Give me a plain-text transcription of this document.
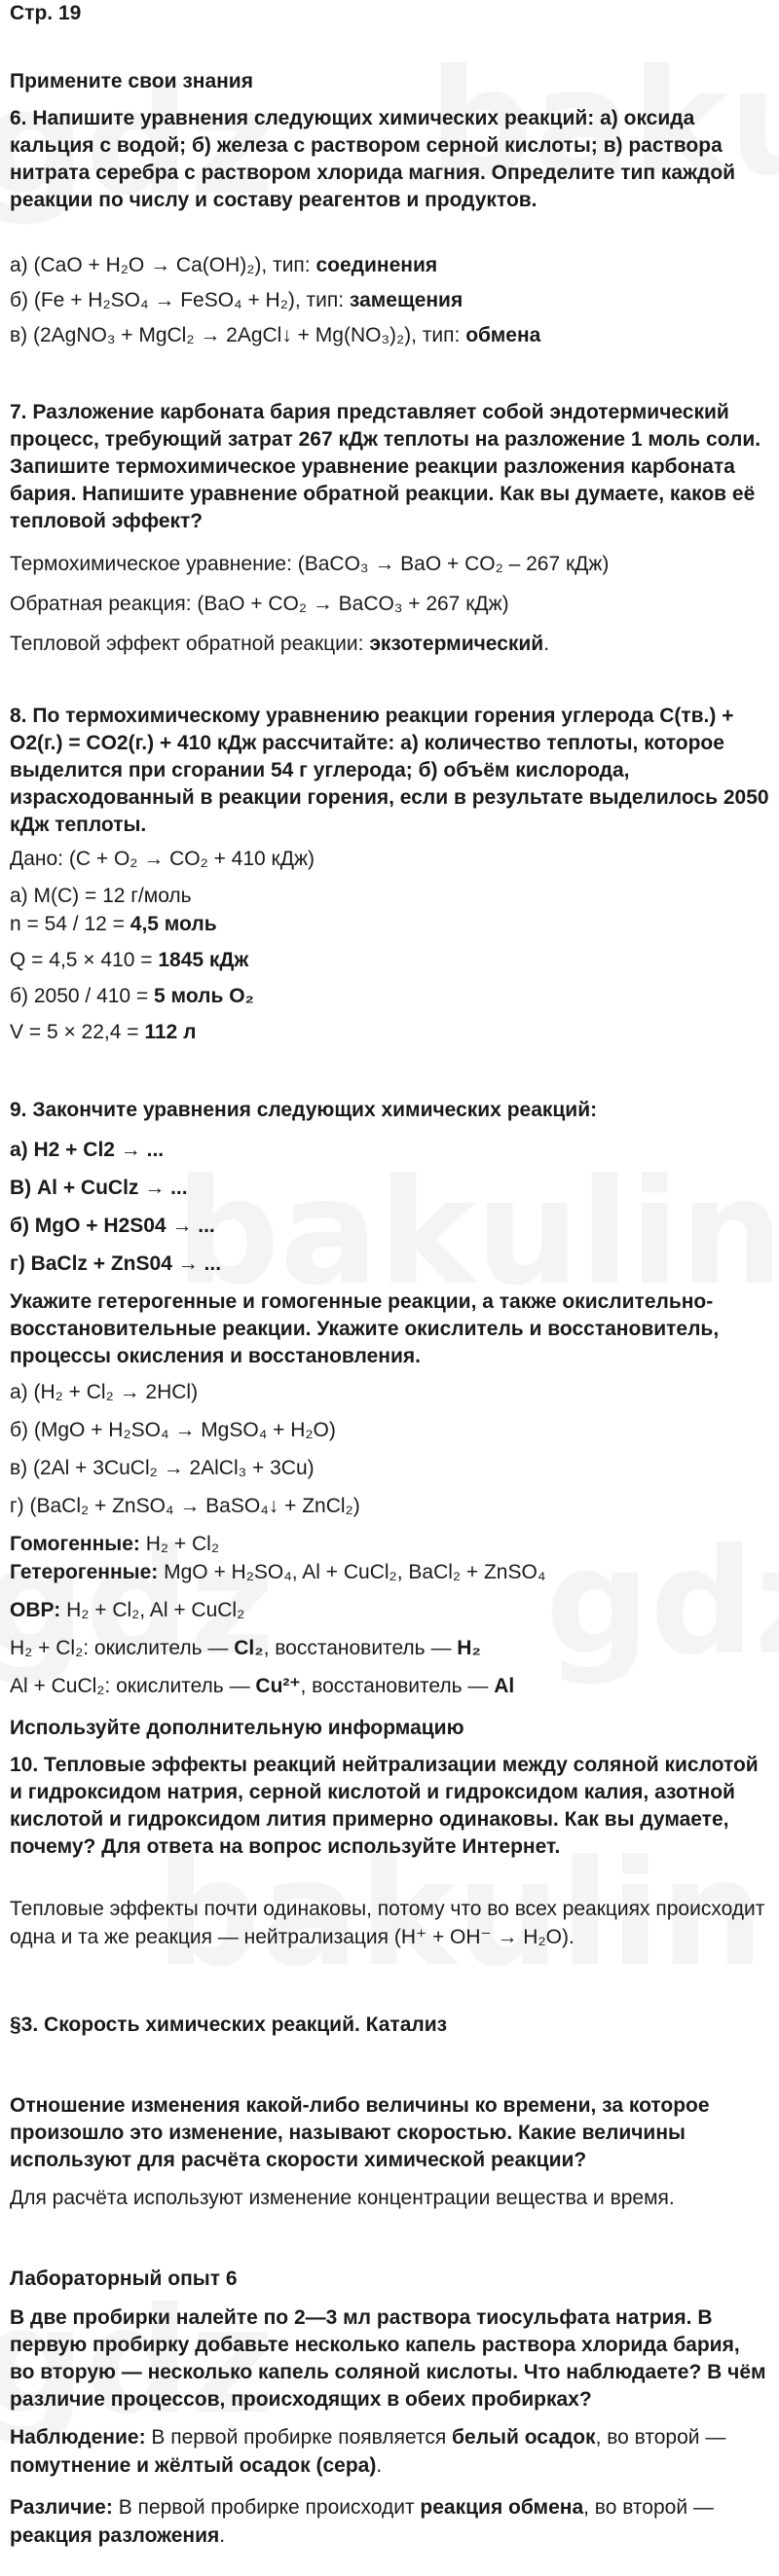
Стр. 19

Примените свои знания

6. Напишите уравнения следующих химических реакций: а) оксида кальция с водой; б) железа с раствором серной кислоты; в) раствора нитрата серебра с раствором хлорида магния. Определите тип каждой реакции по числу и составу реагентов и продуктов.

а) (CaO + H₂O → Ca(OH)₂), тип: соединения

б) (Fe + H₂SO₄ → FeSO₄ + H₂), тип: замещения

в) (2AgNO₃ + MgCl₂ → 2AgCl↓ + Mg(NO₃)₂), тип: обмена

7. Разложение карбоната бария представляет собой эндотермический процесс, требующий затрат 267 кДж теплоты на разложение 1 моль соли. Запишите термохимическое уравнение реакции разложения карбоната бария. Напишите уравнение обратной реакции. Как вы думаете, каков её тепловой эффект?

Термохимическое уравнение: (BaCO₃ → BaO + CO₂ – 267 кДж)

Обратная реакция: (BaO + CO₂ → BaCO₃ + 267 кДж)

Тепловой эффект обратной реакции: экзотермический.

8. По термохимическому уравнению реакции горения углерода C(тв.) + O2(г.) = CO2(г.) + 410 кДж рассчитайте: а) количество теплоты, которое выделится при сгорании 54 г углерода; б) объём кислорода, израсходованный в реакции горения, если в результате выделилось 2050 кДж теплоты.

Дано: (C + O₂ → CO₂ + 410 кДж)

а) M(C) = 12 г/моль

n = 54 / 12 = 4,5 моль

Q = 4,5 × 410 = 1845 кДж

б) 2050 / 410 = 5 моль O₂

V = 5 × 22,4 = 112 л

9. Закончите уравнения следующих химических реакций:

а) H2 + Cl2 → ...

В) Al + CuClz → ...

б) MgO + H2S04 → ...

г) BaClz + ZnS04 → ...

Укажите гетерогенные и гомогенные реакции, а также окислительно-восстановительные реакции. Укажите окислитель и восстановитель, процессы окисления и восстановления.

а) (H₂ + Cl₂ → 2HCl)

б) (MgO + H₂SO₄ → MgSO₄ + H₂O)

в) (2Al + 3CuCl₂ → 2AlCl₃ + 3Cu)

г) (BaCl₂ + ZnSO₄ → BaSO₄↓ + ZnCl₂)

Гомогенные: H₂ + Cl₂

Гетерогенные: MgO + H₂SO₄, Al + CuCl₂, BaCl₂ + ZnSO₄

ОВР: H₂ + Cl₂, Al + CuCl₂

H₂ + Cl₂: окислитель — Cl₂, восстановитель — H₂

Al + CuCl₂: окислитель — Cu²⁺, восстановитель — Al

Используйте дополнительную информацию

10. Тепловые эффекты реакций нейтрализации между соляной кислотой и гидроксидом натрия, серной кислотой и гидроксидом калия, азотной кислотой и гидроксидом лития примерно одинаковы. Как вы думаете, почему? Для ответа на вопрос используйте Интернет.

Тепловые эффекты почти одинаковы, потому что во всех реакциях происходит одна и та же реакция — нейтрализация (H⁺ + OH⁻ → H₂O).

§3. Скорость химических реакций. Катализ

Отношение изменения какой-либо величины ко времени, за которое произошло это изменение, называют скоростью. Какие величины используют для расчёта скорости химической реакции?

Для расчёта используют изменение концентрации вещества и время.

Лабораторный опыт 6

В две пробирки налейте по 2—3 мл раствора тиосульфата натрия. В первую пробирку добавьте несколько капель раствора хлорида бария, во вторую — несколько капель соляной кислоты. Что наблюдаете? В чём различие процессов, происходящих в обеих пробирках?

Наблюдение: В первой пробирке появляется белый осадок, во второй — помутнение и жёлтый осадок (сера).

Различие: В первой пробирке происходит реакция обмена, во второй — реакция разложения.
